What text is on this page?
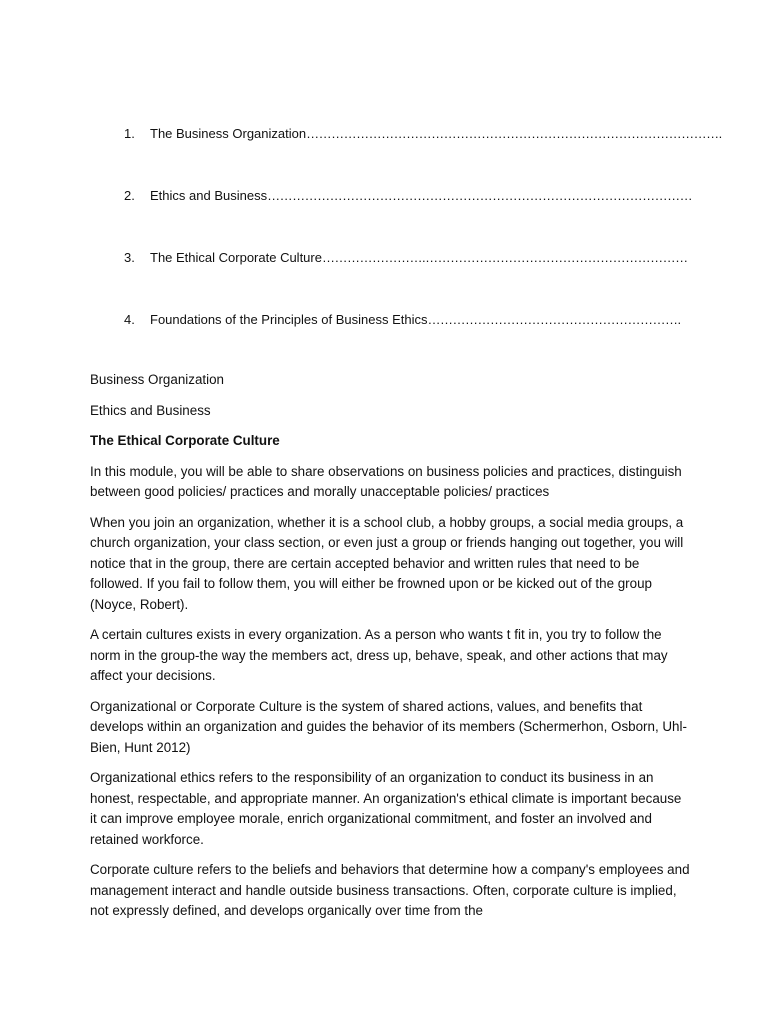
1. The Business Organization……………………………………………………………………………………….
2. Ethics and Business…………………………………………………………………………………………
3. The Ethical Corporate Culture…………………….………………………………………………………
4. Foundations of the Principles of Business Ethics…………………………………………………….
Business Organization
Ethics and Business
The Ethical Corporate Culture

In this module, you will be able to share observations on business policies and practices, distinguish between good policies/ practices and morally unacceptable policies/ practices

When you join an organization, whether it is a school club, a hobby groups, a social media groups, a church organization, your class section, or even just a group or friends hanging out together, you will notice that in the group, there are certain accepted behavior and written rules that need to be followed. If you fail to follow them, you will either be frowned upon or be kicked out of the group (Noyce, Robert).

A certain cultures exists in every organization. As a person who wants t fit in, you try to follow the norm in the group-the way the members act, dress up, behave, speak, and other actions that may affect your decisions.

Organizational or Corporate Culture is the system of shared actions, values, and benefits that develops within an organization and guides the behavior of its members (Schermerhon, Osborn, Uhl-Bien, Hunt 2012)

Organizational ethics refers to the responsibility of an organization to conduct its business in an honest, respectable, and appropriate manner. An organization's ethical climate is important because it can improve employee morale, enrich organizational commitment, and foster an involved and retained workforce.

Corporate culture refers to the beliefs and behaviors that determine how a company's employees and management interact and handle outside business transactions. Often, corporate culture is implied, not expressly defined, and develops organically over time from the
